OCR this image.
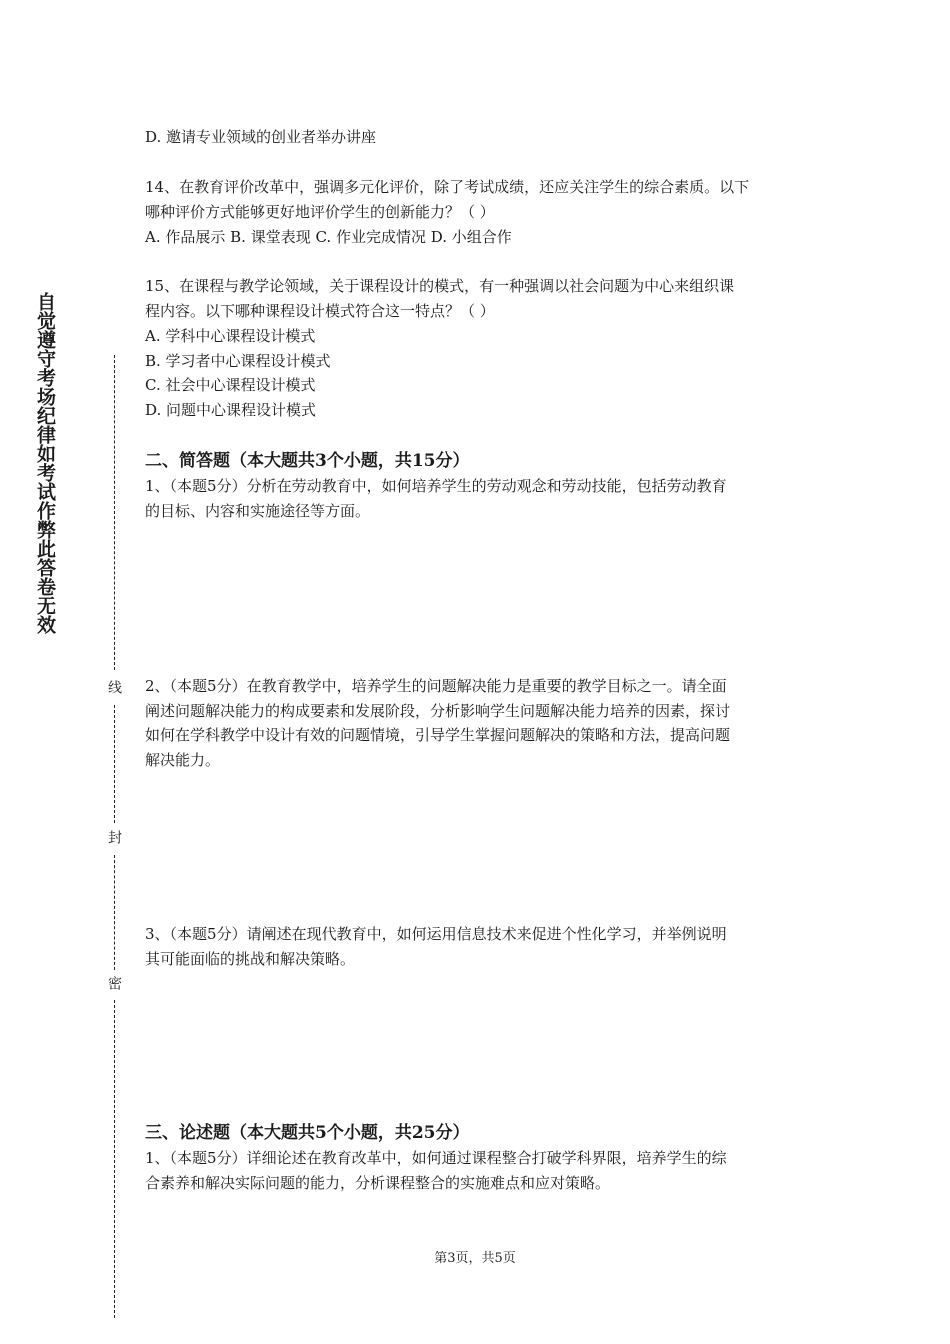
自觉遵守考场纪律如考试作弊此答卷无效
线
封
密
D. 邀请专业领域的创业者举办讲座
14、在教育评价改革中，强调多元化评价，除了考试成绩，还应关注学生的综合素质。以下
哪种评价方式能够更好地评价学生的创新能力？（ ）
A. 作品展示 B. 课堂表现 C. 作业完成情况 D. 小组合作
15、在课程与教学论领域，关于课程设计的模式，有一种强调以社会问题为中心来组织课
程内容。以下哪种课程设计模式符合这一特点？（ ）
A. 学科中心课程设计模式
B. 学习者中心课程设计模式
C. 社会中心课程设计模式
D. 问题中心课程设计模式
二、简答题（本大题共3个小题，共15分）
1、（本题5分）分析在劳动教育中，如何培养学生的劳动观念和劳动技能，包括劳动教育
的目标、内容和实施途径等方面。
2、（本题5分）在教育教学中，培养学生的问题解决能力是重要的教学目标之一。请全面
阐述问题解决能力的构成要素和发展阶段，分析影响学生问题解决能力培养的因素，探讨
如何在学科教学中设计有效的问题情境，引导学生掌握问题解决的策略和方法，提高问题
解决能力。
3、（本题5分）请阐述在现代教育中，如何运用信息技术来促进个性化学习，并举例说明
其可能面临的挑战和解决策略。
三、论述题（本大题共5个小题，共25分）
1、（本题5分）详细论述在教育改革中，如何通过课程整合打破学科界限，培养学生的综
合素养和解决实际问题的能力，分析课程整合的实施难点和应对策略。
第3页，共5页
